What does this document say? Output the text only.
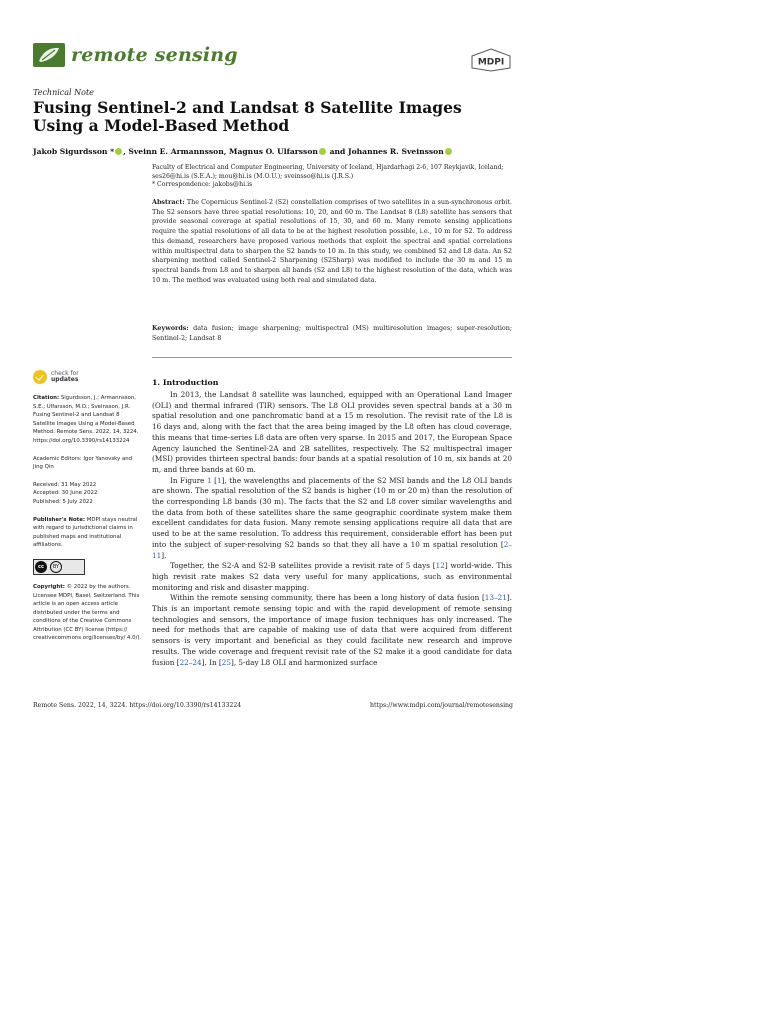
remote sensing	MDPI
Technical Note
Fusing Sentinel-2 and Landsat 8 Satellite Images Using a Model-Based Method
Jakob Sigurdsson * , Sveinn E. Armannsson, Magnus O. Ulfarsson and Johannes R. Sveinsson
Faculty of Electrical and Computer Engineering, University of Iceland, Hjardarhagi 2-6, 107 Reykjavik, Iceland; ses26@hi.is (S.E.A.); mou@hi.is (M.O.U.); sveinsso@hi.is (J.R.S.)
* Correspondence: jakobs@hi.is
Abstract: The Copernicus Sentinel-2 (S2) constellation comprises of two satellites in a sun-synchronous orbit. The S2 sensors have three spatial resolutions: 10, 20, and 60 m. The Landsat 8 (L8) satellite has sensors that provide seasonal coverage at spatial resolutions of 15, 30, and 60 m. Many remote sensing applications require the spatial resolutions of all data to be at the highest resolution possible, i.e., 10 m for S2. To address this demand, researchers have proposed various methods that exploit the spectral and spatial correlations within multispectral data to sharpen the S2 bands to 10 m. In this study, we combined S2 and L8 data. An S2 sharpening method called Sentinel-2 Sharpening (S2Sharp) was modified to include the 30 m and 15 m spectral bands from L8 and to sharpen all bands (S2 and L8) to the highest resolution of the data, which was 10 m. The method was evaluated using both real and simulated data.
Keywords: data fusion; image sharpening; multispectral (MS) multiresolution images; super-resolution; Sentinel-2; Landsat 8
check for
updates
Citation: Sigurdsson, J.; Armannsson, S.E.; Ulfarsson, M.O.; Sveinsson, J.R. Fusing Sentinel-2 and Landsat 8 Satellite Images Using a Model-Based Method. Remote Sens. 2022, 14, 3224. https://doi.org/10.3390/rs14133224
Academic Editors: Igor Yanovsky and Jing Qin
Received: 31 May 2022
Accepted: 30 June 2022
Published: 5 July 2022
Publisher's Note: MDPI stays neutral with regard to jurisdictional claims in published maps and institutional affiliations.
cc	BY
Copyright: © 2022 by the authors. Licensee MDPI, Basel, Switzerland. This article is an open access article distributed under the terms and conditions of the Creative Commons Attribution (CC BY) license (https:// creativecommons.org/licenses/by/ 4.0/).
1. Introduction

In 2013, the Landsat 8 satellite was launched, equipped with an Operational Land Imager (OLI) and thermal infrared (TIR) sensors. The L8 OLI provides seven spectral bands at a 30 m spatial resolution and one panchromatic band at a 15 m resolution. The revisit rate of the L8 is 16 days and, along with the fact that the area being imaged by the L8 often has cloud coverage, this means that time-series L8 data are often very sparse. In 2015 and 2017, the European Space Agency launched the Sentinel-2A and 2B satellites, respectively. The S2 multispectral imager (MSI) provides thirteen spectral bands: four bands at a spatial resolution of 10 m, six bands at 20 m, and three bands at 60 m.

In Figure 1 [1], the wavelengths and placements of the S2 MSI bands and the L8 OLI bands are shown. The spatial resolution of the S2 bands is higher (10 m or 20 m) than the resolution of the corresponding L8 bands (30 m). The facts that the S2 and L8 cover similar wavelengths and the data from both of these satellites share the same geographic coordinate system make them excellent candidates for data fusion. Many remote sensing applications require all data that are used to be at the same resolution. To address this requirement, considerable effort has been put into the subject of super-resolving S2 bands so that they all have a 10 m spatial resolution [2–11].

Together, the S2-A and S2-B satellites provide a revisit rate of 5 days [12] world-wide. This high revisit rate makes S2 data very useful for many applications, such as environmental monitoring and risk and disaster mapping.

Within the remote sensing community, there has been a long history of data fusion [13–21]. This is an important remote sensing topic and with the rapid development of remote sensing technologies and sensors, the importance of image fusion techniques has only increased. The need for methods that are capable of making use of data that were acquired from different sensors is very important and beneficial as they could facilitate new research and improve results. The wide coverage and frequent revisit rate of the S2 make it a good candidate for data fusion [22–24]. In [25], 5-day L8 OLI and harmonized surface

Remote Sens. 2022, 14, 3224. https://doi.org/10.3390/rs14133224	https://www.mdpi.com/journal/remotesensing
